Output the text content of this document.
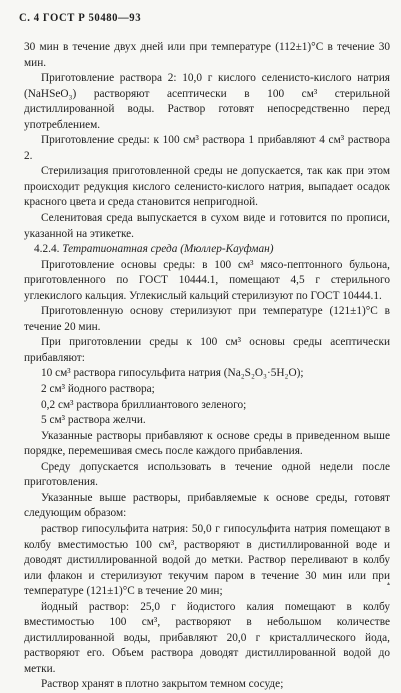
С. 4 ГОСТ Р 50480—93

30 мин в течение двух дней или при температуре (112±1)°С в течение 30 мин.

Приготовление раствора 2: 10,0 г кислого селенисто-кислого натрия (NaHSeO₃) растворяют асептически в 100 см³ стерильной дистиллированной воды. Раствор готовят непосредственно перед употреблением.

Приготовление среды: к 100 см³ раствора 1 прибавляют 4 см³ раствора 2.

Стерилизация приготовленной среды не допускается, так как при этом происходит редукция кислого селенисто-кислого натрия, выпадает осадок красного цвета и среда становится непригодной.

Селенитовая среда выпускается в сухом виде и готовится по прописи, указанной на этикетке.

4.2.4. Тетратионатная среда (Мюллер-Кауфман)

Приготовление основы среды: в 100 см³ мясо-пептонного бульона, приготовленного по ГОСТ 10444.1, помещают 4,5 г стерильного углекислого кальция. Углекислый кальций стерилизуют по ГОСТ 10444.1.

Приготовленную основу стерилизуют при температуре (121±1)°С в течение 20 мин.

При приготовлении среды к 100 см³ основы среды асептически прибавляют:

10 см³ раствора гипосульфита натрия (Na₂S₂O₃·5H₂O);

2 см³ йодного раствора;

0,2 см³ раствора бриллиантового зеленого;

5 см³ раствора желчи.

Указанные растворы прибавляют к основе среды в приведенном выше порядке, перемешивая смесь после каждого прибавления.

Среду допускается использовать в течение одной недели после приготовления.

Указанные выше растворы, прибавляемые к основе среды, готовят следующим образом:

раствор гипосульфита натрия: 50,0 г гипосульфита натрия помещают в колбу вместимостью 100 см³, растворяют в дистиллированной воде и доводят дистиллированной водой до метки. Раствор переливают в колбу или флакон и стерилизуют текучим паром в течение 30 мин или при температуре (121±1)°С в течение 20 мин;

йодный раствор: 25,0 г йодистого калия помещают в колбу вместимостью 100 см³, растворяют в небольшом количестве дистиллированной воды, прибавляют 20,0 г кристаллического йода, растворяют его. Объем раствора доводят дистиллированной водой до метки.

Раствор хранят в плотно закрытом темном сосуде;

▴
